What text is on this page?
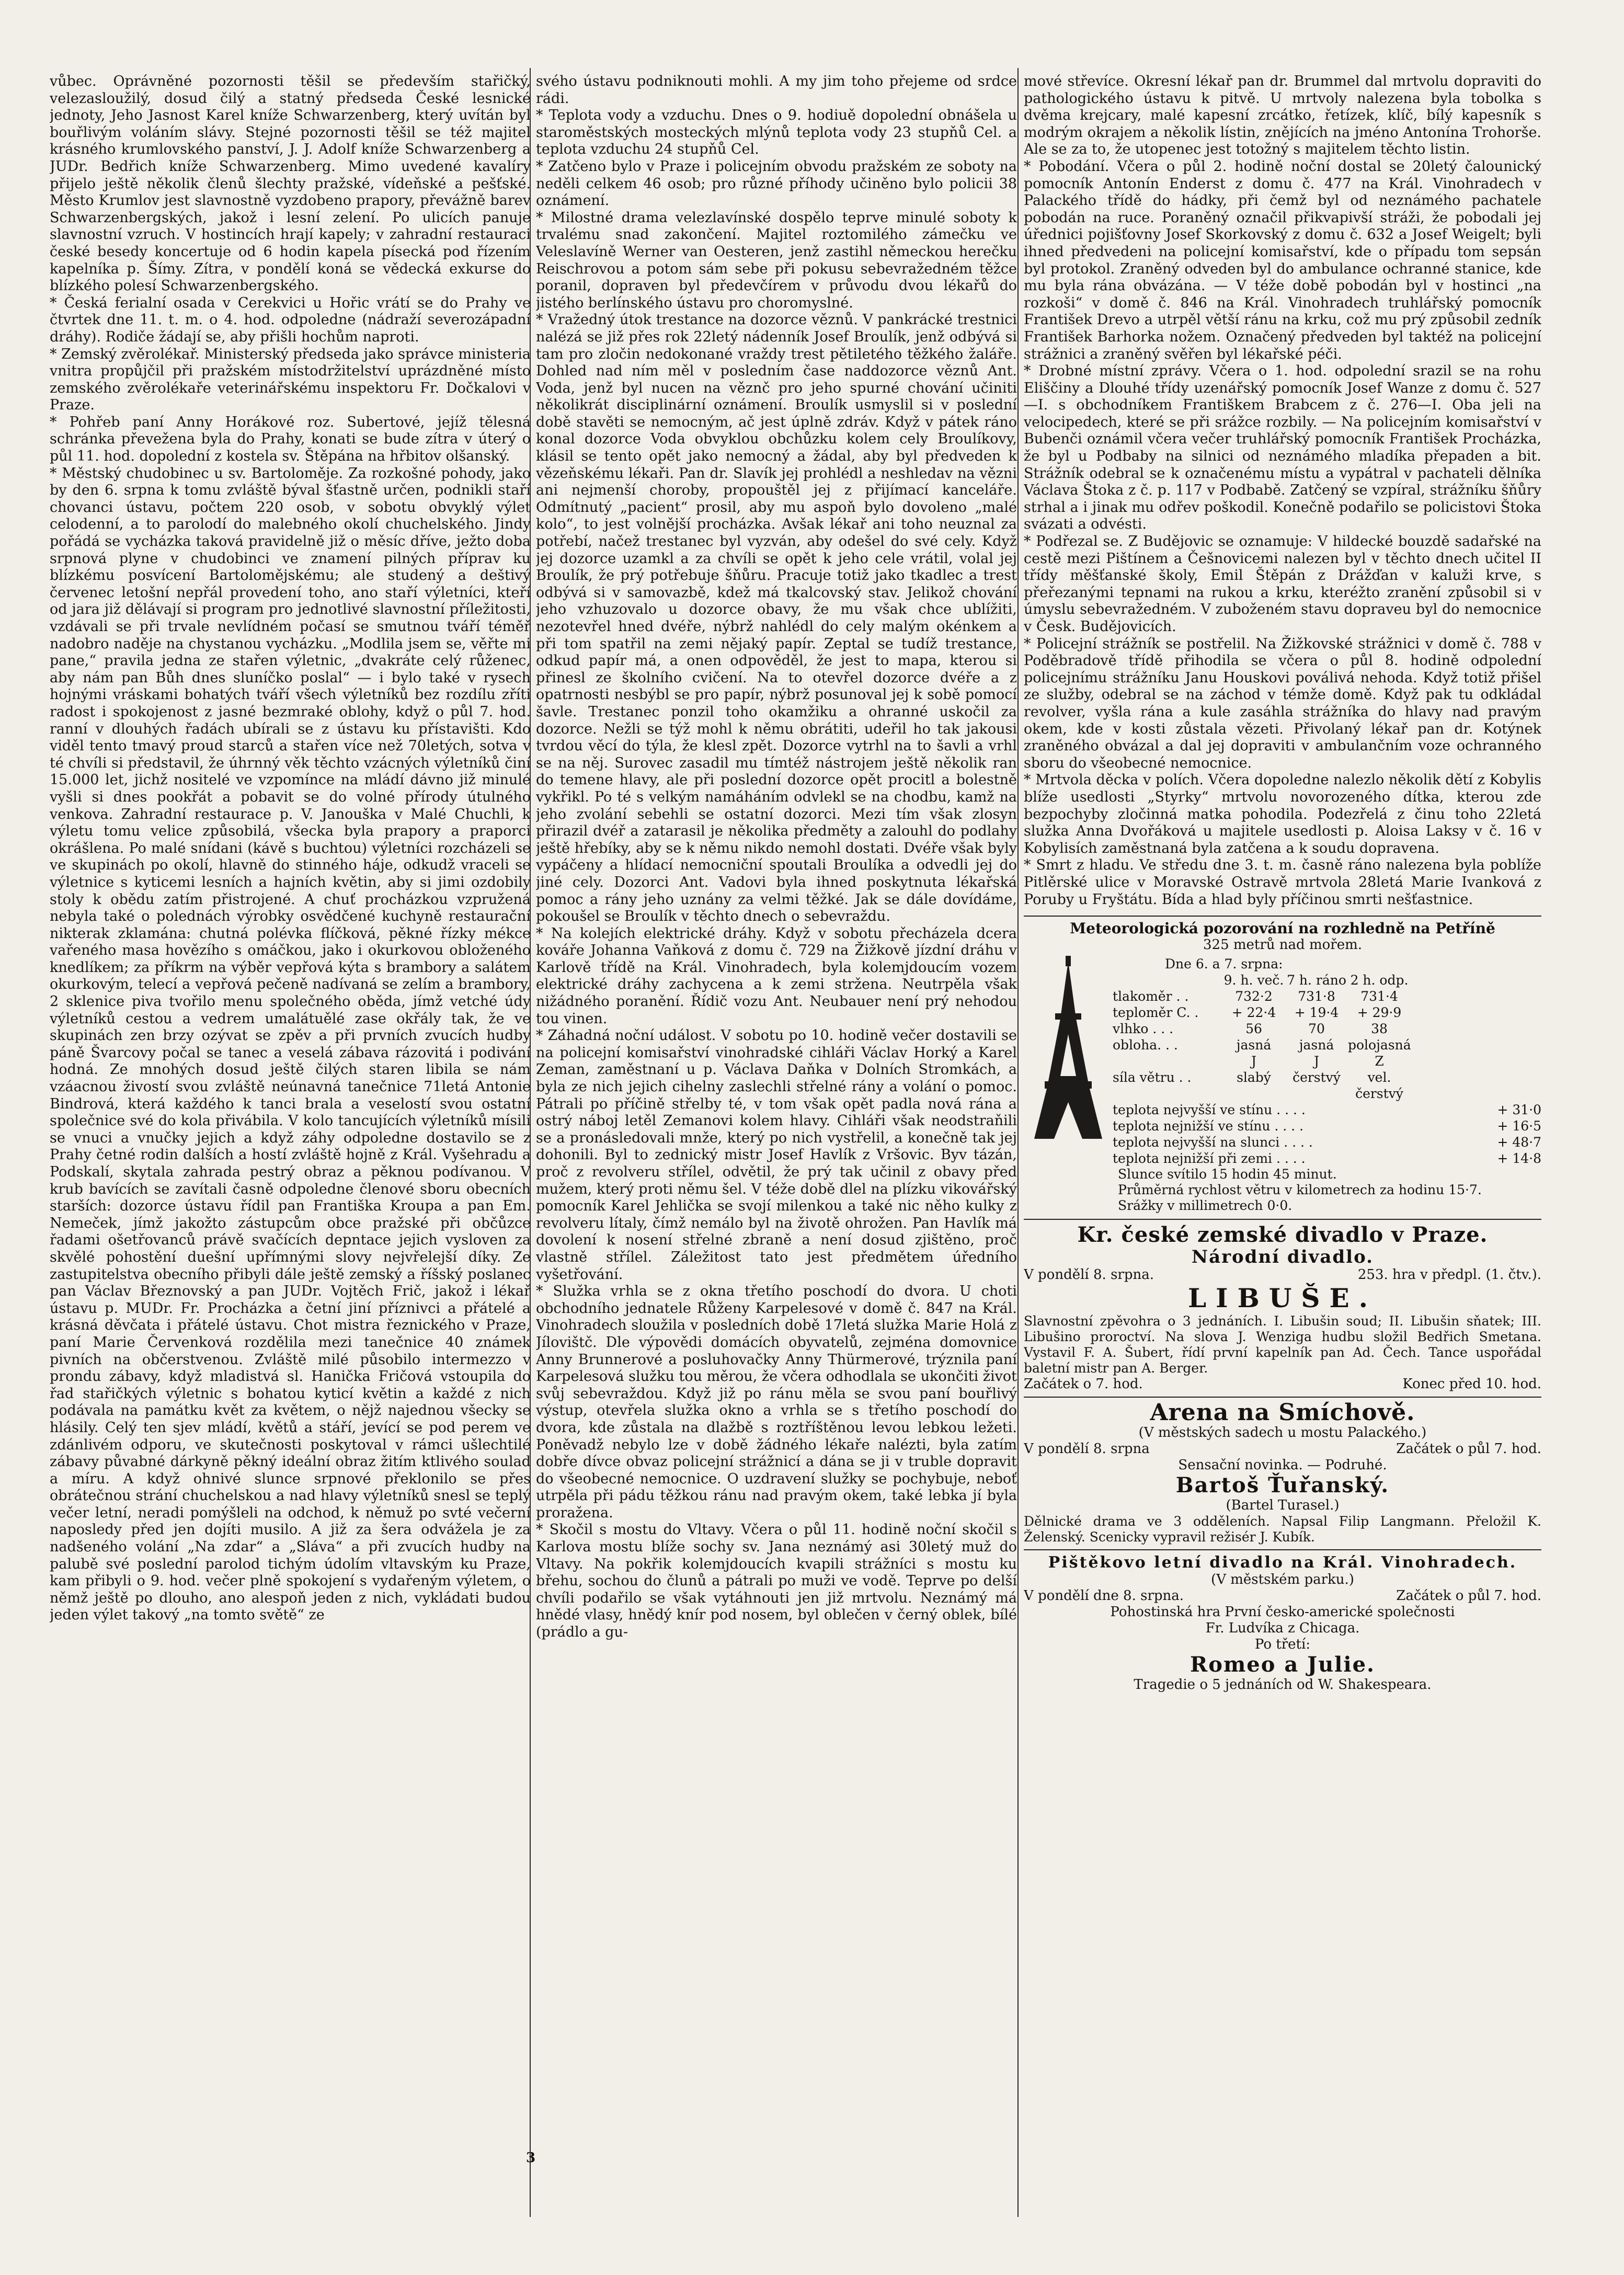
vůbec. Oprávněné pozornosti těšil se především stařičký, velezasloužilý, dosud čilý a statný předseda České lesnické jednoty, Jeho Jasnost Karel kníže Schwarzenberg, který uvítán byl bouřlivým voláním slávy. Stejné pozornosti těšil se též majitel krásného krumlovského panství, J. J. Adolf kníže Schwarzenberg a JUDr. Bedřich kníže Schwarzenberg. Mimo uvedené kavalíry přijelo ještě několik členů šlechty pražské, vídeňské a pešťské. Město Krumlov jest slavnostně vyzdobeno prapory, převážně barev Schwarzenbergských, jakož i lesní zelení. Po ulicích panuje slavnostní vzruch. V hostincích hrají kapely; v zahradní restauraci české besedy koncertuje od 6 hodin kapela písecká pod řízením kapelníka p. Šímy. Zítra, v pondělí koná se vědecká exkurse do blízkého polesí Schwarzenbergského.

* Česká ferialní osada v Cerekvici u Hořic vrátí se do Prahy ve čtvrtek dne 11. t. m. o 4. hod. odpoledne (nádraží severozápadní dráhy). Rodiče žádají se, aby přišli hochům naproti.

* Zemský zvěrolékař. Ministerský předseda jako správce ministeria vnitra propůjčil při pražském místodržitelství uprázdněné místo zemského zvěrolékaře veterinářskému inspektoru Fr. Dočkalovi v Praze.

* Pohřeb paní Anny Horákové roz. Subertové, jejíž tělesná schránka převežena byla do Prahy, konati se bude zítra v úterý o půl 11. hod. dopolední z kostela sv. Štěpána na hřbitov olšanský.

* Městský chudobinec u sv. Bartoloměje. Za rozkošné pohody, jako by den 6. srpna k tomu zvláště býval šťastně určen, podnikli staří chovanci ústavu, počtem 220 osob, v sobotu obvyklý výlet celodenní, a to parolodí do malebného okolí chuchelského. Jindy pořádá se vycházka taková pravidelně již o měsíc dříve, ježto doba srpnová plyne v chudobinci ve znamení pilných příprav ku blízkému posvícení Bartolomějskému; ale studený a deštivý červenec letošní nepřál provedení toho, ano staří výletníci, kteří od jara již dělávají si program pro jednotlivé slavnostní příležitosti, vzdávali se při trvale nevlídném počasí se smutnou tváří téměř nadobro naděje na chystanou vycházku. „Modlila jsem se, věřte mi pane,“ pravila jedna ze stařen výletnic, „dvakráte celý růženec, aby nám pan Bůh dnes sluníčko poslal“ — i bylo také v rysech hojnými vráskami bohatých tváří všech výletníků bez rozdílu zříti radost i spokojenost z jasné bezmraké oblohy, když o půl 7. hod. ranní v dlouhých řadách ubírali se z ústavu ku přístavišti. Kdo viděl tento tmavý proud starců a stařen více než 70letých, sotva v té chvíli si představil, že úhrnný věk těchto vzácných výletníků činí 15.000 let, jichž nositelé ve vzpomínce na mládí dávno již minulé vyšli si dnes pookřát a pobavit se do volné přírody útulného venkova. Zahradní restaurace p. V. Janouška v Malé Chuchli, k výletu tomu velice způsobilá, všecka byla prapory a praporci okrášlena. Po malé snídani (kávě s buchtou) výletníci rozcházeli se ve skupinách po okolí, hlavně do stinného háje, odkudž vraceli se výletnice s kyticemi lesních a hajních květin, aby si jimi ozdobily stoly k obědu zatím přistrojené. A chuť procházkou vzpružená nebyla také o polednách výrobky osvědčené kuchyně restaurační nikterak zklamána: chutná polévka flíčková, pěkné řízky mékce vařeného masa hovězího s omáčkou, jako i okurkovou obloženého knedlíkem; za příkrm na výběr vepřová kýta s brambory a salátem okurkovým, telecí a vepřová pečeně nadívaná se zelím a brambory, 2 sklenice piva tvořilo menu společného oběda, jímž vetché údy výletníků cestou a vedrem umalátuělé zase okřály tak, že ve skupinách zen brzy ozývat se zpěv a při prvních zvucích hudby páně Švarcovy počal se tanec a veselá zábava rázovitá i podivání hodná. Ze mnohých dosud ještě čilých staren libila se nám vzáacnou živostí svou zvláště neúnavná tanečnice 71letá Antonie Bindrová, která každého k tanci brala a veselostí svou ostatní společnice své do kola přivábila. V kolo tancujících výletníků mísili se vnuci a vnučky jejich a když záhy odpoledne dostavilo se z Prahy četné rodin dalších a hostí zvláště hojně z Král. Vyšehradu a Podskalí, skytala zahrada pestrý obraz a pěknou podívanou. V krub bavících se zavítali časně odpoledne členové sboru obecních starších: dozorce ústavu řídil pan Františka Kroupa a pan Em. Nemeček, jímž jakožto zástupcům obce pražské při občůzce řadami ošetřovanců právě svačících depntace jejich vysloven za skvělé pohostění duešní upřímnými slovy nejvřelejší díky. Ze zastupitelstva obecního přibyli dále ještě zemský a říšský poslanec pan Václav Březnovský a pan JUDr. Vojtěch Frič, jakož i lékař ústavu p. MUDr. Fr. Procházka a četní jiní příznivci a přátelé a krásná děvčata i přátelé ústavu. Chot mistra řeznického v Praze, paní Marie Červenková rozdělila mezi tanečnice 40 známek pivních na občerstvenou. Zvláště milé působilo intermezzo v prondu zábavy, když mladistvá sl. Hanička Fričová vstoupila do řad stařičkých výletnic s bohatou kyticí květin a každé z nich podávala na památku květ za květem, o nějž najednou všecky se hlásily. Celý ten sjev mládí, květů a stáří, jevící se pod perem ve zdánlivém odporu, ve skutečnosti poskytoval v rámci ušlechtilé zábavy půvabné dárkyně pěkný ideální obraz žitím ktlivého soulad a míru. A když ohnivé slunce srpnové překlonilo se přes obrátečnou strání chuchelskou a nad hlavy výletníků snesl se teplý večer letní, neradi pomýšleli na odchod, k němuž po svté večerní naposledy před jen dojíti musilo. A již za šera odvážela je za nadšeného volání „Na zdar“ a „Sláva“ a při zvucích hudby na palubě své poslední parolod tichým údolím vltavským ku Praze, kam přibyli o 9. hod. večer plně spokojení s vydařeným výletem, o němž ještě po dlouho, ano alespoň jeden z nich, vykládati budou jeden výlet takový „na tomto světě“ ze

svého ústavu podniknouti mohli. A my jim toho přejeme od srdce rádi.

* Teplota vody a vzduchu. Dnes o 9. hodiuě dopolední obnášela u staroměstských mosteckých mlýnů teplota vody 23 stupňů Cel. a teplota vzduchu 24 stupňů Cel.

* Zatčeno bylo v Praze i policejním obvodu pražském ze soboty na neděli celkem 46 osob; pro různé příhody učiněno bylo policii 38 oznámení.

* Milostné drama velezlavínské dospělo teprve minulé soboty k trvalému snad zakončení. Majitel roztomilého zámečku ve Veleslavíně Werner van Oesteren, jenž zastihl německou herečku Reischrovou a potom sám sebe při pokusu sebevražedném těžce poranil, dopraven byl předevčírem v průvodu dvou lékařů do jistého berlínského ústavu pro choromyslné.

* Vražedný útok trestance na dozorce věznů. V pankrácké trestnici nalézá se již přes rok 22letý nádenník Josef Broulík, jenž odbývá si tam pro zločin nedokonané vraždy trest pětiletého těžkého žaláře. Dohled nad ním měl v posledním čase naddozorce věznů Ant. Voda, jenž byl nucen na věznč pro jeho spurné chování učiniti několikrát disciplinární oznámení. Broulík usmyslil si v poslední době stavěti se nemocným, ač jest úplně zdráv. Když v pátek ráno konal dozorce Voda obvyklou obchůzku kolem cely Broulíkovy, klásil se tento opět jako nemocný a žádal, aby byl předveden k vězeňskému lékaři. Pan dr. Slavík jej prohlédl a neshledav na vězni ani nejmenší choroby, propouštěl jej z přijímací kanceláře. Odmítnutý „pacient“ prosil, aby mu aspoň bylo dovoleno „malé kolo“, to jest volnější procházka. Avšak lékař ani toho neuznal za potřebí, načež trestanec byl vyzván, aby odešel do své cely. Když jej dozorce uzamkl a za chvíli se opět k jeho cele vrátil, volal jej Broulík, že prý potřebuje šňůru. Pracuje totiž jako tkadlec a trest odbývá si v samovazbě, kdež má tkalcovský stav. Jelikož chování jeho vzhuzovalo u dozorce obavy, že mu však chce ublížiti, nezotevřel hned dvéře, nýbrž nahlédl do cely malým okénkem a při tom spatřil na zemi nějaký papír. Zeptal se tudíž trestance, odkud papír má, a onen odpověděl, že jest to mapa, kterou si přinesl ze školního cvičení. Na to otevřel dozorce dvéře a z opatrnosti nesbýbl se pro papír, nýbrž posunoval jej k sobě pomocí šavle. Trestanec ponzil toho okamžiku a ohranné uskočil za dozorce. Nežli se týž mohl k němu obrátiti, udeřil ho tak jakousi tvrdou věcí do týla, že klesl zpět. Dozorce vytrhl na to šavli a vrhl se na něj. Surovec zasadil mu tímtéž nástrojem ještě několik ran do temene hlavy, ale při poslední dozorce opět procitl a bolestně vykřikl. Po té s velkým namáháním odvlekl se na chodbu, kamž na jeho zvolání sebehli se ostatní dozorci. Mezi tím však zlosyn přirazil dvéř a zatarasil je několika předměty a zalouhl do podlahy ještě hřebíky, aby se k němu nikdo nemohl dostati. Dvéře však byly vypáčeny a hlídací nemocniční spoutali Broulíka a odvedli jej do jiné cely. Dozorci Ant. Vadovi byla ihned poskytnuta lékařská pomoc a rány jeho uznány za velmi těžké. Jak se dále dovídáme, pokoušel se Broulík v těchto dnech o sebevraždu.

* Na kolejích elektrické dráhy. Když v sobotu přecházela dcera kováře Johanna Vaňková z domu č. 729 na Žižkově jízdní dráhu v Karlově třídě na Král. Vinohradech, byla kolemjdoucím vozem elektrické dráhy zachycena a k zemi stržena. Neutrpěla však nižádného poranění. Řídič vozu Ant. Neubauer není prý nehodou tou vinen.

* Záhadná noční událost. V sobotu po 10. hodině večer dostavili se na policejní komisařství vinohradské cihláři Václav Horký a Karel Zeman, zaměstnaní u p. Václava Daňka v Dolních Stromkách, a byla ze nich jejich cihelny zaslechli střelné rány a volání o pomoc. Pátrali po příčině střelby té, v tom však opět padla nová rána a ostrý náboj letěl Zemanovi kolem hlavy. Cihláři však neodstraňili se a pronásledovali mnže, který po nich vystřelil, a konečně tak jej dohonili. Byl to zednický mistr Josef Havlík z Vršovic. Byv tázán, proč z revolveru střílel, odvětil, že prý tak učinil z obavy před mužem, který proti němu šel. V téže době dlel na plízku vikovářský pomocník Karel Jehlička se svojí milenkou a také nic něho kulky z revolveru lítaly, čímž nemálo byl na životě ohrožen. Pan Havlík má dovolení k nosení střelné zbraně a není dosud zjištěno, proč vlastně střílel. Záležitost tato jest předmětem úředního vyšetřování.

* Služka vrhla se z okna třetího poschodí do dvora. U choti obchodního jednatele Růženy Karpelesové v domě č. 847 na Král. Vinohradech sloužila v posledních době 17letá služka Marie Holá z Jílovištč. Dle výpovědi domácích obyvatelů, zejména domovnice Anny Brunnerové a posluhovačky Anny Thürmerové, trýznila paní Karpelesová služku tou měrou, že včera odhodlala se ukončiti život svůj sebevraždou. Když již po ránu měla se svou paní bouřlivý výstup, otevřela služka okno a vrhla se s třetího poschodí do dvora, kde zůstala na dlažbě s roztříštěnou levou lebkou ležeti. Poněvadž nebylo lze v době žádného lékaře nalézti, byla zatím dobře dívce obvaz policejní strážnicí a dána se ji v truble dopravit do všeobecné nemocnice. O uzdravení služky se pochybuje, neboť utrpěla při pádu těžkou ránu nad pravým okem, také lebka jí byla proražena.

* Skočil s mostu do Vltavy. Včera o půl 11. hodině noční skočil s Karlova mostu blíže sochy sv. Jana neznámý asi 30letý muž do Vltavy. Na pokřik kolemjdoucích kvapili strážníci s mostu ku břehu, sochou do člunů a pátrali po muži ve vodě. Teprve po delší chvíli podařilo se však vytáhnouti jen již mrtvolu. Neznámý má hnědé vlasy, hnědý knír pod nosem, byl oblečen v černý oblek, bílé (prádlo a gu-

3

mové střevíce. Okresní lékař pan dr. Brummel dal mrtvolu dopraviti do pathologického ústavu k pitvě. U mrtvoly nalezena byla tobolka s dvěma krejcary, malé kapesní zrcátko, řetízek, klíč, bílý kapesník s modrým okrajem a několik lístin, znějících na jméno Antonína Trohorše. Ale se za to, že utopenec jest totožný s majitelem těchto listin.

* Pobodání. Včera o půl 2. hodině noční dostal se 20letý čalounický pomocník Antonín Enderst z domu č. 477 na Král. Vinohradech v Palackého třídě do hádky, při čemž byl od neznámého pachatele pobodán na ruce. Poraněný označil přikvapivší stráži, že pobodali jej úřednici pojišťovny Josef Skorkovský z domu č. 632 a Josef Weigelt; byli ihned předvedeni na policejní komisařství, kde o případu tom sepsán byl protokol. Zraněný odveden byl do ambulance ochranné stanice, kde mu byla rána obvázána. — V téže době pobodán byl v hostinci „na rozkoši“ v domě č. 846 na Král. Vinohradech truhlářský pomocník František Drevo a utrpěl větší ránu na krku, což mu prý způsobil zedník František Barhorka nožem. Označený předveden byl taktéž na policejní strážnici a zraněný svěřen byl lékařské péči.

* Drobné místní zprávy. Včera o 1. hod. odpolední srazil se na rohu Eliščiny a Dlouhé třídy uzenářský pomocník Josef Wanze z domu č. 527—I. s obchodníkem Františkem Brabcem z č. 276—I. Oba jeli na velocipedech, které se při srážce rozbily. — Na policejním komisařství v Bubenči oznámil včera večer truhlářský pomocník František Procházka, že byl u Podbaby na silnici od neznámého mladíka přepaden a bit. Strážník odebral se k označenému místu a vypátral v pachateli dělníka Václava Štoka z č. p. 117 v Podbabě. Zatčený se vzpíral, strážníku šňůry strhal a i jinak mu odřev poškodil. Konečně podařilo se policistovi Štoka svázati a odvésti.

* Podřezal se. Z Budějovic se oznamuje: V hildecké bouzdě sadařské na cestě mezi Pištínem a Češnovicemi nalezen byl v těchto dnech učitel II třídy měšťanské školy, Emil Štěpán z Drážďan v kaluži krve, s přeřezanými tepnami na rukou a krku, kteréžto zranění způsobil si v úmyslu sebevražedném. V zuboženém stavu dopraveu byl do nemocnice v Česk. Budějovicích.

* Policejní strážník se postřelil. Na Žižkovské strážnici v domě č. 788 v Poděbradově třídě přihodila se včera o půl 8. hodině odpolední policejnímu strážníku Janu Houskovi poválivá nehoda. Když totiž přišel ze služby, odebral se na záchod v témže domě. Když pak tu odkládal revolver, vyšla rána a kule zasáhla strážníka do hlavy nad pravým okem, kde v kosti zůstala vězeti. Přivolaný lékař pan dr. Kotýnek zraněného obvázal a dal jej dopraviti v ambulančním voze ochranného sboru do všeobecné nemocnice.

* Mrtvola děcka v polích. Včera dopoledne nalezlo několik dětí z Kobylis blíže usedlosti „Styrky“ mrtvolu novorozeného dítka, kterou zde bezpochyby zločinná matka pohodila. Podezřelá z činu toho 22letá služka Anna Dvořáková u majitele usedlosti p. Aloisa Laksy v č. 16 v Kobylisích zaměstnaná byla zatčena a k soudu dopravena.

* Smrt z hladu. Ve středu dne 3. t. m. časně ráno nalezena byla poblíže Pitlěrské ulice v Moravské Ostravě mrtvola 28letá Marie Ivanková z Poruby u Fryštátu. Bída a hlad byly příčinou smrti nešťastnice.

Meteorologická pozorování na rozhledně na Petříně
325 metrů nad mořem.
Dne 6. a 7. srpna:
9. h. več. 7 h. ráno 2 h. odp.
tlakoměr . .	732·2	731·8	731·4
teploměr C. .	+ 22·4	+ 19·4	+ 29·9
vlhko . . .	56	70	38
obloha. . .	jasná	jasná	polojasná
J	J	Z
síla větru . .	slabý	čerstvý	vel. čerstvý
teplota nejvyšší ve stínu . . . .	+ 31·0
teplota nejnižší ve stínu . . . .	+ 16·5
teplota nejvyšší na slunci . . . .	+ 48·7
teplota nejnižší při zemi . . . .	+ 14·8
Slunce svítilo 15 hodin 45 minut.
Průměrná rychlost větru v kilometrech za hodinu 15·7.
Srážky v millimetrech 0·0.
Kr. české zemské divadlo v Praze.
Národní divadlo.
V pondělí 8. srpna.	253. hra v předpl. (1. čtv.).
LIBUŠE.
Slavnostní zpěvohra o 3 jednáních. I. Libušin soud; II. Libušin sňatek; III. Libušino proroctví. Na slova J. Wenziga hudbu složil Bedřich Smetana. Vystavil F. A. Šubert, řídí první kapelník pan Ad. Čech. Tance uspořádal baletní mistr pan A. Berger.
Začátek o 7. hod.	Konec před 10. hod.
Arena na Smíchově.
(V městských sadech u mostu Palackého.)
V pondělí 8. srpna	Začátek o půl 7. hod.
Sensační novinka. — Podruhé.
Bartoš Ťuřanský.
(Bartel Turasel.)
Dělnické drama ve 3 odděleních. Napsal Filip Langmann. Přeložil K. Želenský. Scenicky vypravil režisér J. Kubík.
Pištěkovo letní divadlo na Král. Vinohradech.
(V městském parku.)
V pondělí dne 8. srpna.	Začátek o půl 7. hod.
Pohostinská hra První česko-americké společnosti
Fr. Ludvíka z Chicaga.
Po třetí:
Romeo a Julie.
Tragedie o 5 jednáních od W. Shakespeara.
